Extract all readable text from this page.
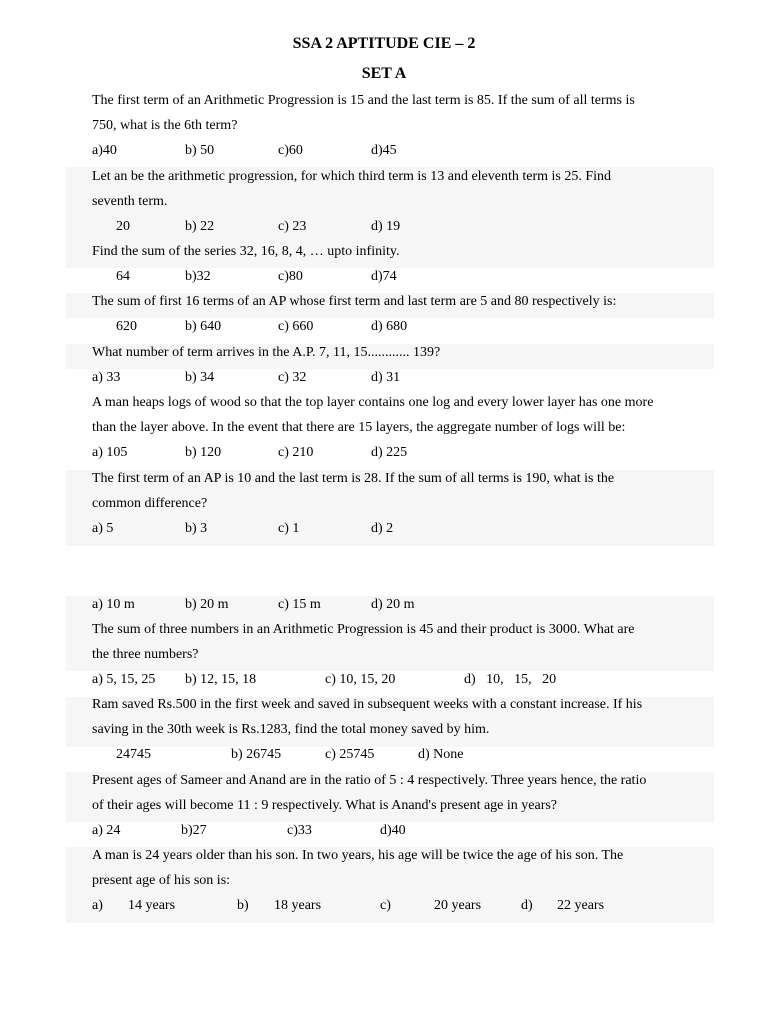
SSA 2 APTITUDE CIE – 2
SET A
The first term of an Arithmetic Progression is 15 and the last term is 85. If the sum of all terms is
750, what is the 6th term?
a)40	b) 50	c)60	d)45
Let an be the arithmetic progression, for which third term is 13 and eleventh term is 25. Find
seventh term.
20	b) 22	c) 23	d) 19
Find the sum of the series 32, 16, 8, 4, … upto infinity.
64	b)32	c)80	d)74
The sum of first 16 terms of an AP whose first term and last term are 5 and 80 respectively is:
620	b) 640	c) 660	d) 680
What number of term arrives in the A.P. 7, 11, 15............ 139?
a) 33	b) 34	c) 32	d) 31
A man heaps logs of wood so that the top layer contains one log and every lower layer has one more
than the layer above. In the event that there are 15 layers, the aggregate number of logs will be:
a) 105	b) 120	c) 210	d) 225
The first term of an AP is 10 and the last term is 28. If the sum of all terms is 190, what is the
common difference?
a) 5	b) 3	c) 1	d) 2
a) 10 m	b) 20 m	c) 15 m	d) 20 m
The sum of three numbers in an Arithmetic Progression is 45 and their product is 3000. What are
the three numbers?
a) 5, 15, 25 b) 12, 15, 18	c) 10, 15, 20	d)   10,   15,   20
Ram saved Rs.500 in the first week and saved in subsequent weeks with a constant increase. If his
saving in the 30th week is Rs.1283, find the total money saved by him.
24745	b) 26745	c) 25745	d) None
Present ages of Sameer and Anand are in the ratio of 5 : 4 respectively. Three years hence, the ratio
of their ages will become 11 : 9 respectively. What is Anand's present age in years?
a) 24	b)27	c)33	d)40
A man is 24 years older than his son. In two years, his age will be twice the age of his son. The
present age of his son is:
a) 14 years	b) 18 years	c)	20 years	d) 22 years
